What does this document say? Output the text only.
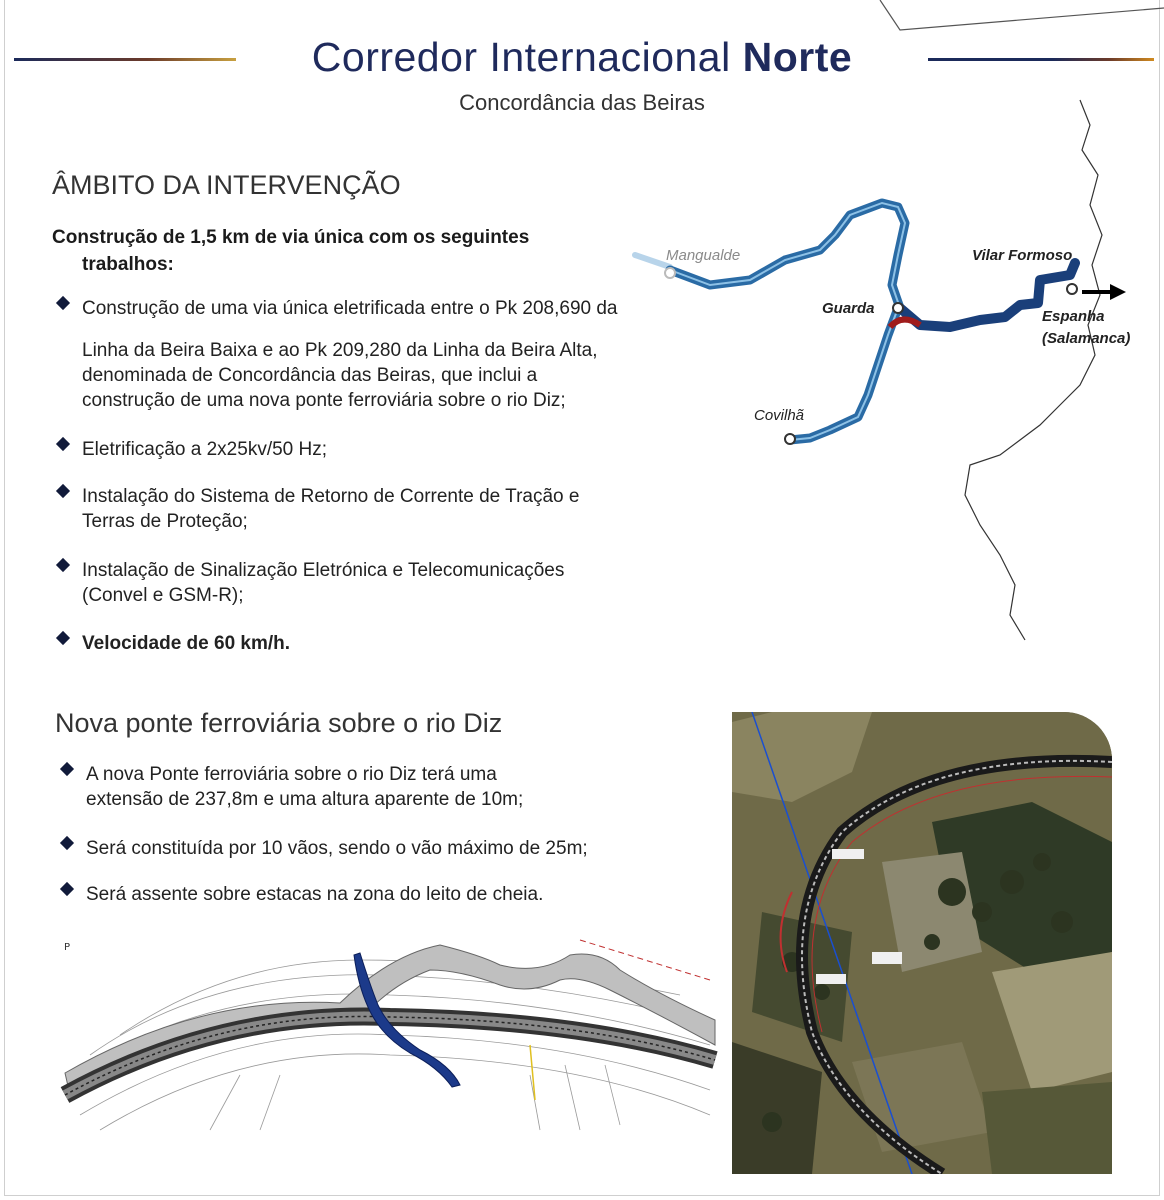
Corredor Internacional Norte
Concordância das Beiras
ÂMBITO DA INTERVENÇÃO
Construção de 1,5 km de via única com os seguintes
trabalhos:
Construção de uma via única eletrificada entre o Pk 208,690 da
Linha da Beira Baixa e ao Pk 209,280 da Linha da Beira Alta,
denominada de Concordância das Beiras, que inclui a
construção de uma nova ponte ferroviária sobre o rio Diz;
Eletrificação a 2x25kv/50 Hz;
Instalação do Sistema de Retorno de Corrente de Tração e
Terras de Proteção;
Instalação de Sinalização Eletrónica e Telecomunicações
(Convel e GSM-R);
Velocidade de 60 km/h.
Mangualde	Vilar Formoso
Guarda	Espanha
(Salamanca)
Covilhã
Nova ponte ferroviária sobre o rio Diz
A nova Ponte ferroviária sobre o rio Diz terá uma
extensão de 237,8m e uma altura aparente de 10m;
Será constituída por 10 vãos, sendo o vão máximo de 25m;
Será assente sobre estacas na zona do leito de cheia.
P
